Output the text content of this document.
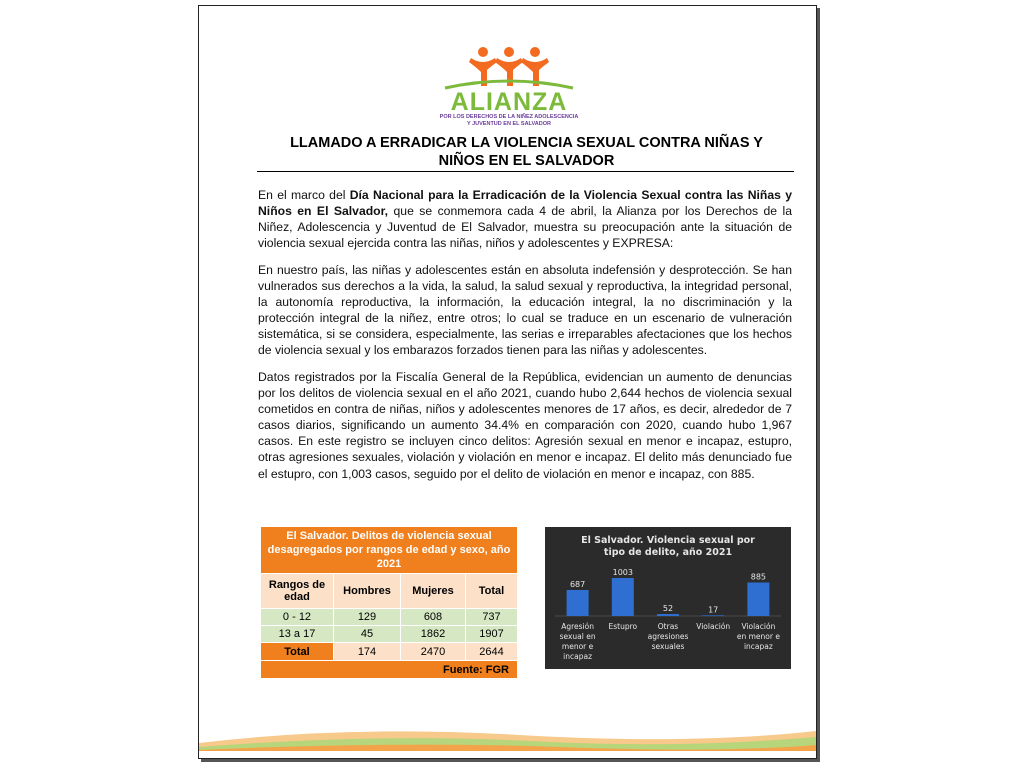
ALIANZA
POR LOS DERECHOS DE LA NIÑEZ ADOLESCENCIA
Y JUVENTUD EN EL SALVADOR
LLAMADO A ERRADICAR LA VIOLENCIA SEXUAL CONTRA NIÑAS Y
NIÑOS EN EL SALVADOR

En el marco del Día Nacional para la Erradicación de la Violencia Sexual contra las Niñas y Niños en El Salvador, que se conmemora cada 4 de abril, la Alianza por los Derechos de la Niñez, Adolescencia y Juventud de El Salvador, muestra su preocupación ante la situación de violencia sexual ejercida contra las niñas, niños y adolescentes y EXPRESA:

En nuestro país, las niñas y adolescentes están en absoluta indefensión y desprotección. Se han vulnerados sus derechos a la vida, la salud, la salud sexual y reproductiva, la integridad personal, la autonomía reproductiva, la información, la educación integral, la no discriminación y la protección integral de la niñez, entre otros; lo cual se traduce en un escenario de vulneración sistemática, si se considera, especialmente, las serias e irreparables afectaciones que los hechos de violencia sexual y los embarazos forzados tienen para las niñas y adolescentes.

Datos registrados por la Fiscalía General de la República, evidencian un aumento de denuncias por los delitos de violencia sexual en el año 2021, cuando hubo 2,644 hechos de violencia sexual cometidos en contra de niñas, niños y adolescentes menores de 17 años, es decir, alrededor de 7 casos diarios, significando un aumento 34.4% en comparación con 2020, cuando hubo 1,967 casos. En este registro se incluyen cinco delitos: Agresión sexual en menor e incapaz, estupro, otras agresiones sexuales, violación y violación en menor e incapaz. El delito más denunciado fue el estupro, con 1,003 casos, seguido por el delito de violación en menor e incapaz, con 885.

El Salvador. Delitos de violencia sexual desagregados por rangos de edad y sexo, año 2021			
Rangos de edad	Hombres	Mujeres	Total
0 - 12	129	608	737
13 a 17	45	1862	1907
Total	174	2470	2644
Fuente: FGR			
El Salvador. Violencia sexual por
tipo de delito, año 2021
687
Agresión
sexual en
menor e
incapaz
1003
Estupro
52
Otras
agresiones
sexuales
17
Violación
885
Violación
en menor e
incapaz
